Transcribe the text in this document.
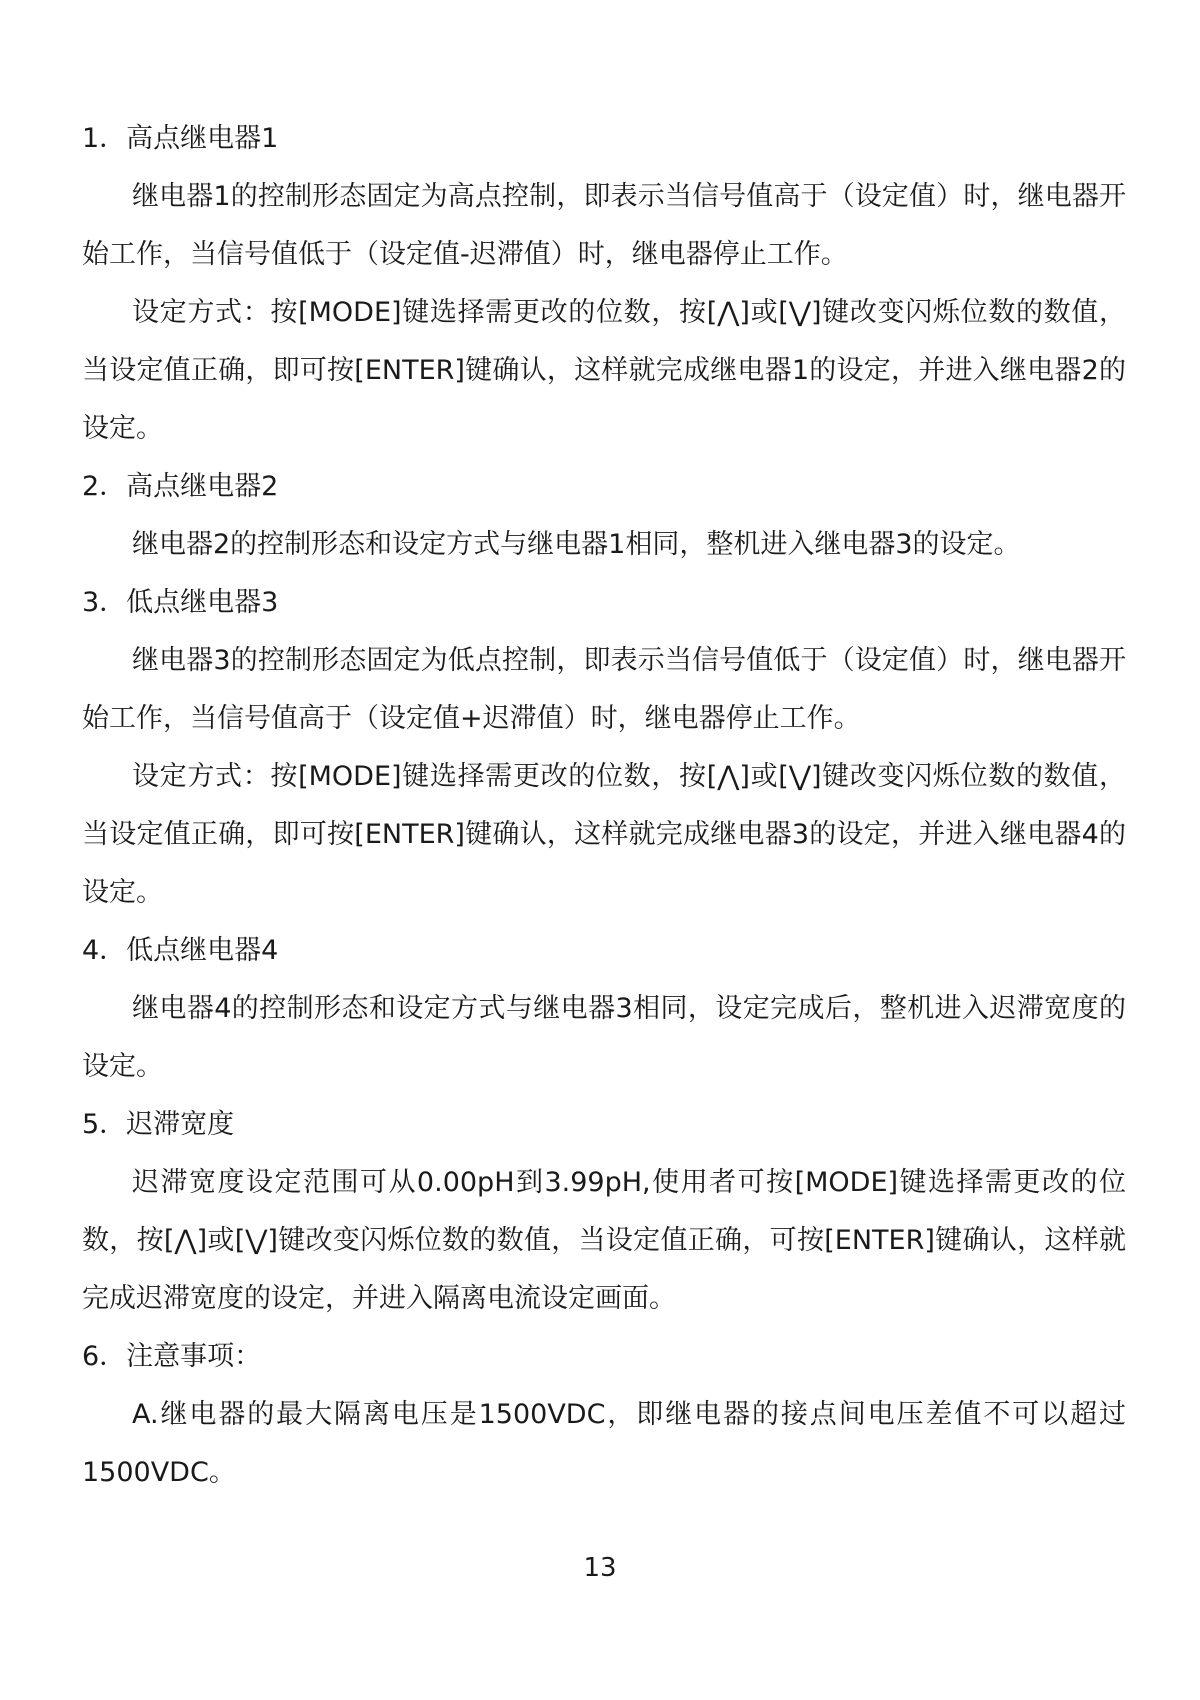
1．高点继电器1

继电器1的控制形态固定为高点控制，即表示当信号值高于（设定值）时，继电器开始工作，当信号值低于（设定值-迟滞值）时，继电器停止工作。

设定方式：按[MODE]键选择需更改的位数，按[⋀]或[⋁]键改变闪烁位数的数值，当设定值正确，即可按[ENTER]键确认，这样就完成继电器1的设定，并进入继电器2的设定。

2．高点继电器2

继电器2的控制形态和设定方式与继电器1相同，整机进入继电器3的设定。

3．低点继电器3

继电器3的控制形态固定为低点控制，即表示当信号值低于（设定值）时，继电器开始工作，当信号值高于（设定值+迟滞值）时，继电器停止工作。

设定方式：按[MODE]键选择需更改的位数，按[⋀]或[⋁]键改变闪烁位数的数值，当设定值正确，即可按[ENTER]键确认，这样就完成继电器3的设定，并进入继电器4的设定。

4．低点继电器4

继电器4的控制形态和设定方式与继电器3相同，设定完成后，整机进入迟滞宽度的设定。

5．迟滞宽度

迟滞宽度设定范围可从0.00pH到3.99pH,使用者可按[MODE]键选择需更改的位数，按[⋀]或[⋁]键改变闪烁位数的数值，当设定值正确，可按[ENTER]键确认，这样就完成迟滞宽度的设定，并进入隔离电流设定画面。

6．注意事项：

A.继电器的最大隔离电压是1500VDC，即继电器的接点间电压差值不可以超过1500VDC。

13
